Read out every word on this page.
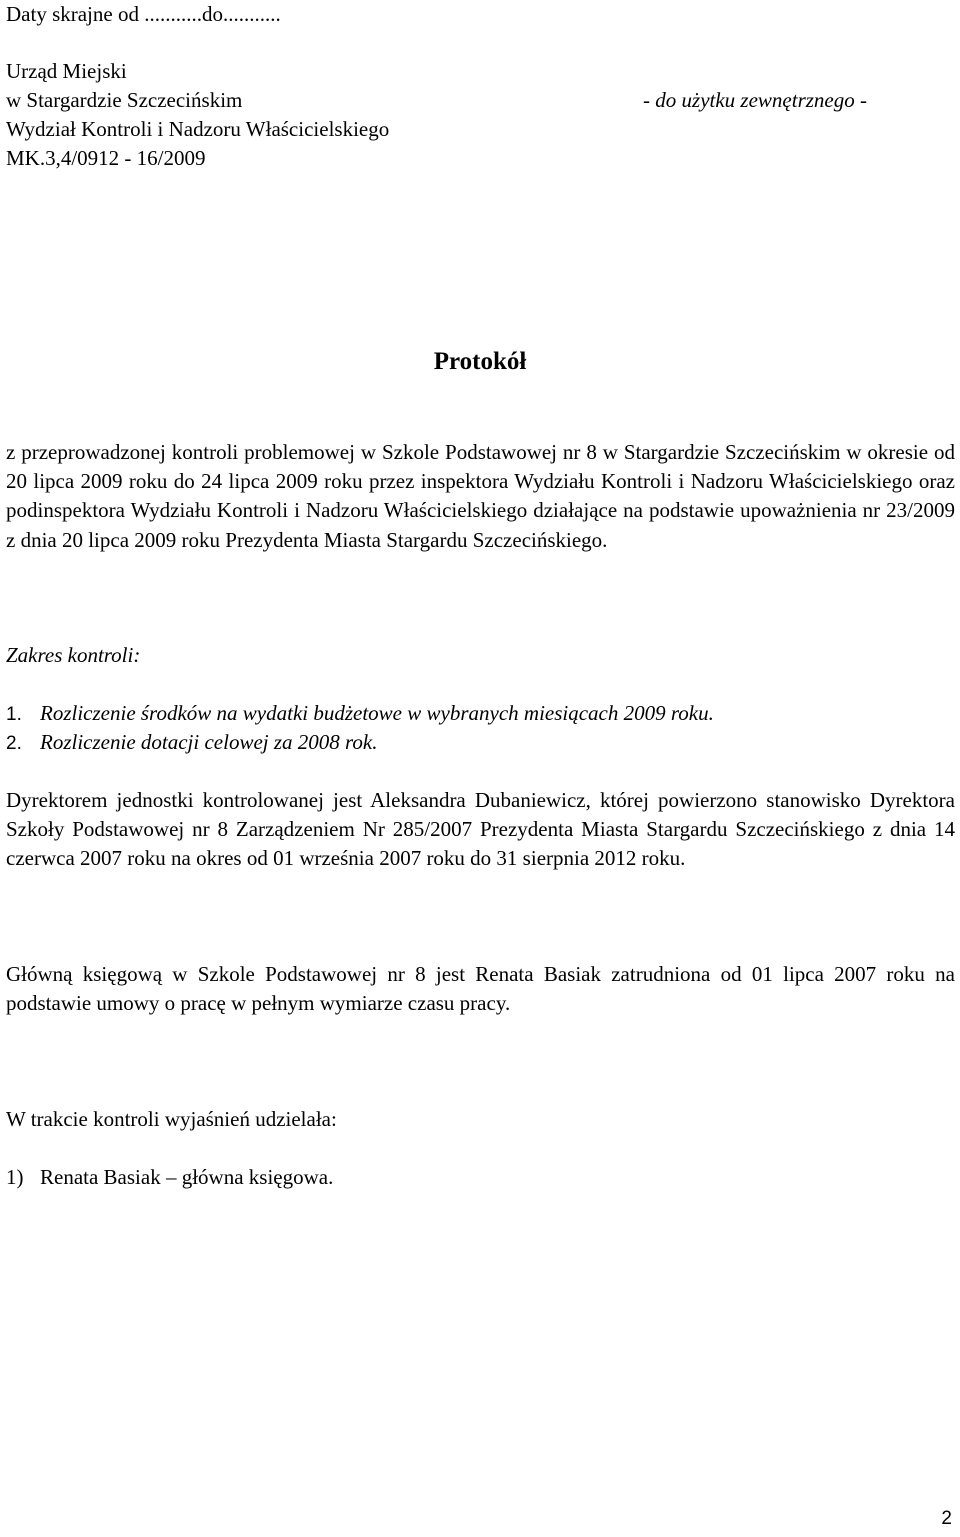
Daty skrajne od ...........do...........
Urząd Miejski
w Stargardzie Szczecińskim	- do użytku zewnętrznego -
Wydział Kontroli i Nadzoru Właścicielskiego
MK.3,4/0912 - 16/2009
Protokół
z przeprowadzonej kontroli problemowej w Szkole Podstawowej nr 8 w Stargardzie Szczecińskim w okresie od 20 lipca 2009 roku do 24 lipca 2009 roku przez inspektora Wydziału Kontroli i Nadzoru Właścicielskiego oraz podinspektora Wydziału Kontroli i Nadzoru Właścicielskiego działające na podstawie upoważnienia nr 23/2009 z dnia 20 lipca 2009 roku Prezydenta Miasta Stargardu Szczecińskiego.
Zakres kontroli:
1. Rozliczenie środków na wydatki budżetowe w wybranych miesiącach 2009 roku.
2. Rozliczenie dotacji celowej za 2008 rok.
Dyrektorem jednostki kontrolowanej jest Aleksandra Dubaniewicz, której powierzono stanowisko Dyrektora Szkoły Podstawowej nr 8 Zarządzeniem Nr 285/2007 Prezydenta Miasta Stargardu Szczecińskiego z dnia 14 czerwca 2007 roku na okres od 01 września 2007 roku do 31 sierpnia 2012 roku.
Główną księgową w Szkole Podstawowej nr 8 jest Renata Basiak zatrudniona od 01 lipca 2007 roku na podstawie umowy o pracę w pełnym wymiarze czasu pracy.
W trakcie kontroli wyjaśnień udzielała:
1) Renata Basiak – główna księgowa.
2
